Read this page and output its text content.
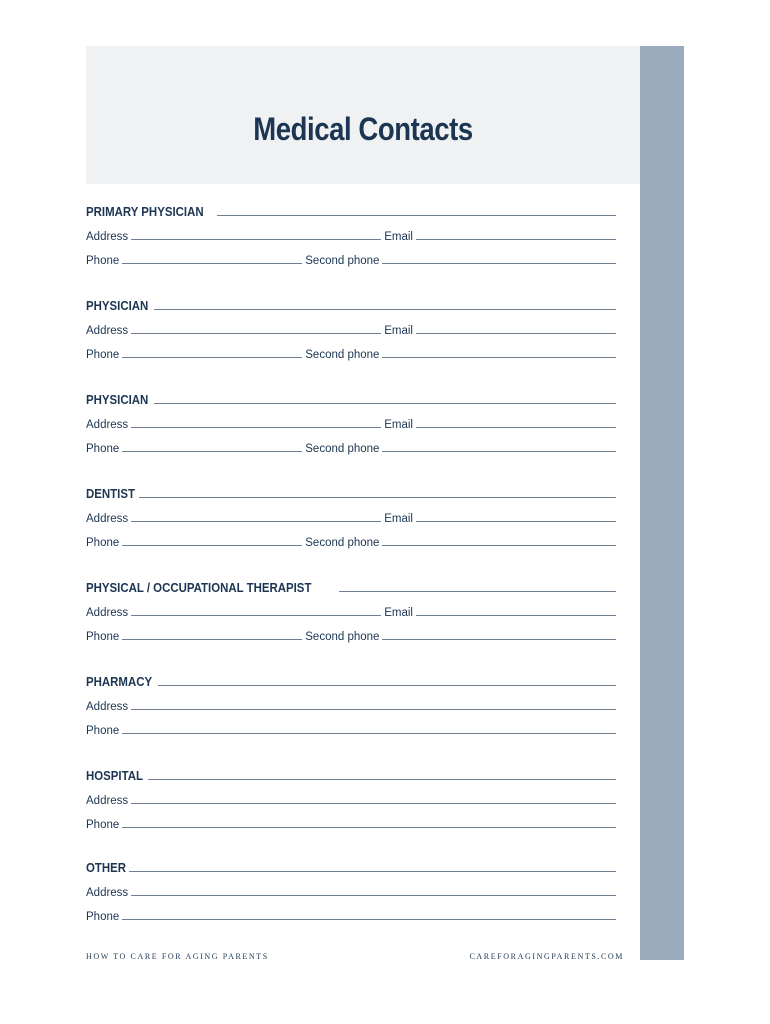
Medical Contacts
PRIMARY PHYSICIAN
Address	Email
Phone	Second phone
PHYSICIAN
Address	Email
Phone	Second phone
PHYSICIAN
Address	Email
Phone	Second phone
DENTIST
Address	Email
Phone	Second phone
PHYSICAL / OCCUPATIONAL THERAPIST
Address	Email
Phone	Second phone
PHARMACY
Address
Phone
HOSPITAL
Address
Phone
OTHER
Address
Phone
HOW TO CARE FOR AGING PARENTS	CAREFORAGINGPARENTS.COM
